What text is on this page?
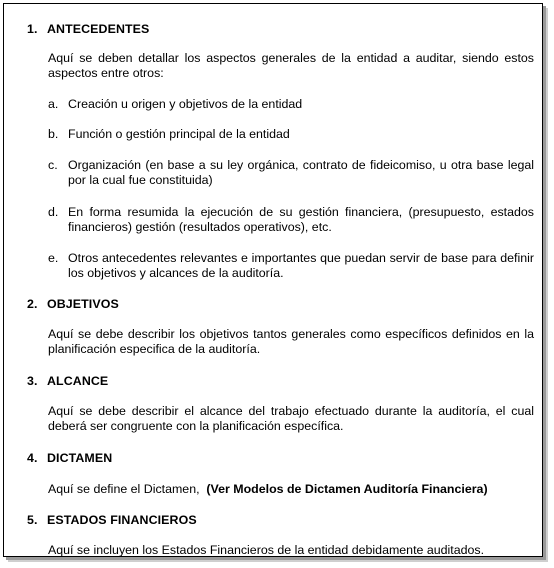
1. ANTECEDENTES
Aquí se deben detallar los aspectos generales de la entidad a auditar, siendo estos aspectos entre otros:
a. Creación u origen y objetivos de la entidad
b. Función o gestión principal de la entidad
c. Organización (en base a su ley orgánica, contrato de fideicomiso, u otra base legal por la cual fue constituida)
d. En forma resumida la ejecución de su gestión financiera, (presupuesto, estados financieros) gestión (resultados operativos), etc.
e. Otros antecedentes relevantes e importantes que puedan servir de base para definir los objetivos y alcances de la auditoría.
2. OBJETIVOS
Aquí se debe describir los objetivos tantos generales como específicos definidos en la planificación especifica de la auditoría.
3. ALCANCE
Aquí se debe describir el alcance del trabajo efectuado durante la auditoría, el cual deberá ser congruente con la planificación específica.
4. DICTAMEN
Aquí se define el Dictamen, (Ver Modelos de Dictamen Auditoría Financiera)
5. ESTADOS FINANCIEROS
Aquí se incluyen los Estados Financieros de la entidad debidamente auditados.
